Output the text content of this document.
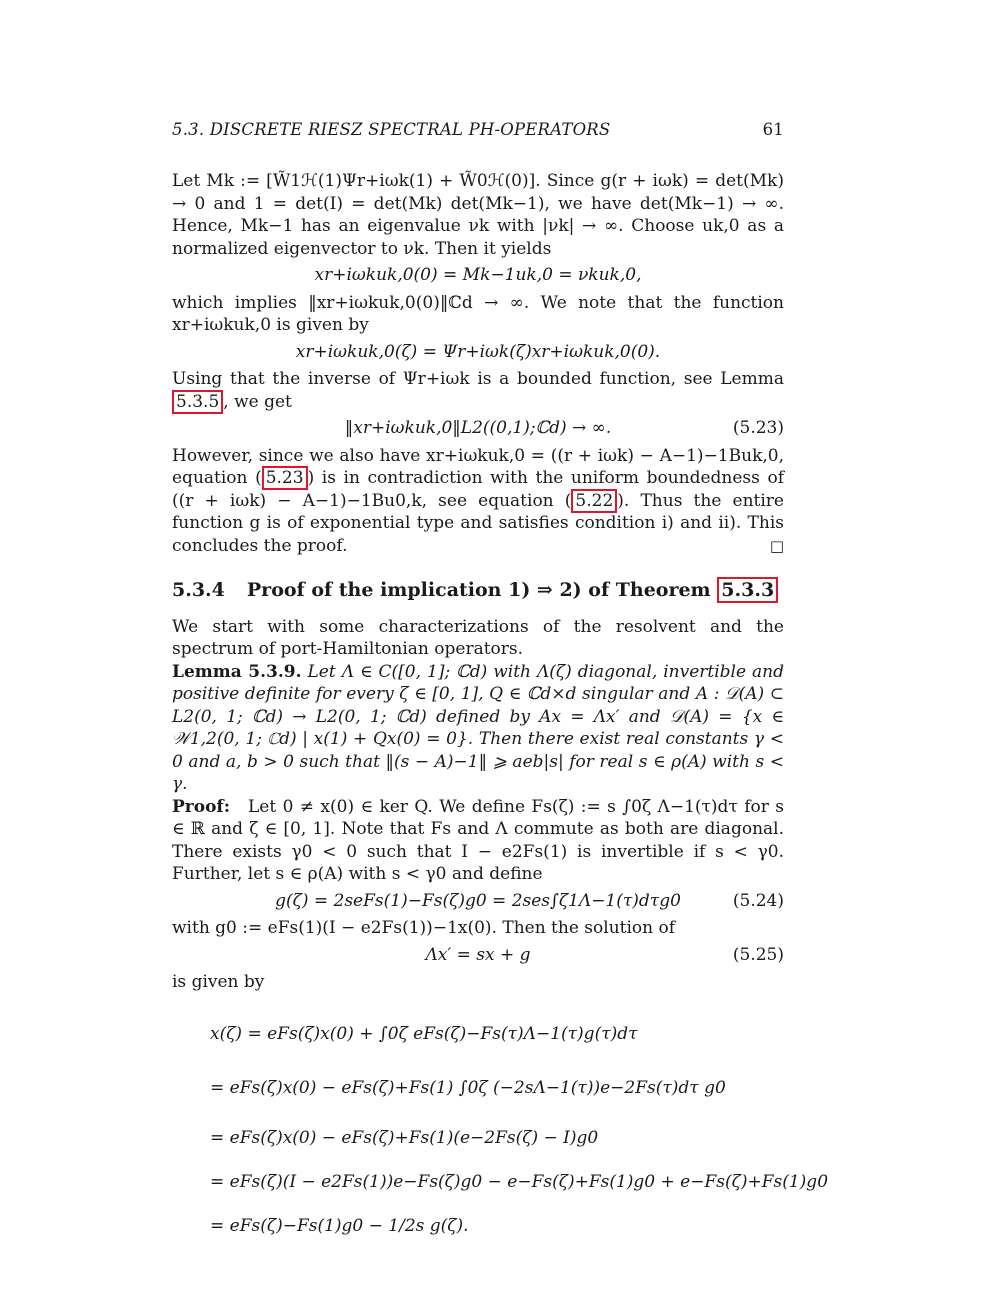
5.3. DISCRETE RIESZ SPECTRAL PH-OPERATORS	61

Let Mk := [W̃1ℋ(1)Ψr+iωk(1) + W̃0ℋ(0)]. Since g(r + iωk) = det(Mk) → 0 and 1 = det(I) = det(Mk) det(Mk−1), we have det(Mk−1) → ∞. Hence, Mk−1 has an eigenvalue νk with |νk| → ∞. Choose uk,0 as a normalized eigenvector to νk. Then it yields

xr+iωkuk,0(0) = Mk−1uk,0 = νkuk,0,

which implies ‖xr+iωkuk,0(0)‖ℂd → ∞. We note that the function xr+iωkuk,0 is given by

xr+iωkuk,0(ζ) = Ψr+iωk(ζ)xr+iωkuk,0(0).

Using that the inverse of Ψr+iωk is a bounded function, see Lemma 5.3.5 , we get

‖xr+iωkuk,0‖L2((0,1);ℂd) → ∞.	(5.23)

However, since we also have xr+iωkuk,0 = ((r + iωk) − A−1)−1Buk,0, equation ( 5.23 ) is in contradiction with the uniform boundedness of ((r + iωk) − A−1)−1Bu0,k, see equation ( 5.22 ). Thus the entire function g is of exponential type and satisfies condition i) and ii). This concludes the proof.	□

5.3.4 Proof of the implication 1) ⇒ 2) of Theorem 5.3.3

We start with some characterizations of the resolvent and the spectrum of port-Hamiltonian operators.

Lemma 5.3.9. Let Λ ∈ C([0, 1]; ℂd) with Λ(ζ) diagonal, invertible and positive definite for every ζ ∈ [0, 1], Q ∈ ℂd×d singular and A : 𝒟(A) ⊂ L2(0, 1; ℂd) → L2(0, 1; ℂd) defined by Ax = Λx′ and 𝒟(A) = {x ∈ 𝒲1,2(0, 1; ℂd) | x(1) + Qx(0) = 0}. Then there exist real constants γ < 0 and a, b > 0 such that ‖(s − A)−1‖ ⩾ aeb|s| for real s ∈ ρ(A) with s < γ.

Proof: Let 0 ≠ x(0) ∈ ker Q. We define Fs(ζ) := s ∫0ζ Λ−1(τ)dτ for s ∈ ℝ and ζ ∈ [0, 1]. Note that Fs and Λ commute as both are diagonal. There exists γ0 < 0 such that I − e2Fs(1) is invertible if s < γ0. Further, let s ∈ ρ(A) with s < γ0 and define

g(ζ) = 2seFs(1)−Fs(ζ)g0 = 2ses∫ζ1Λ−1(τ)dτg0	(5.24)

with g0 := eFs(1)(I − e2Fs(1))−1x(0). Then the solution of

Λx′ = sx + g	(5.25)

is given by

x(ζ) = eFs(ζ)x(0) + ∫0ζ eFs(ζ)−Fs(τ)Λ−1(τ)g(τ)dτ
= eFs(ζ)x(0) − eFs(ζ)+Fs(1) ∫0ζ (−2sΛ−1(τ))e−2Fs(τ)dτ g0
= eFs(ζ)x(0) − eFs(ζ)+Fs(1)(e−2Fs(ζ) − I)g0
= eFs(ζ)(I − e2Fs(1))e−Fs(ζ)g0 − e−Fs(ζ)+Fs(1)g0 + e−Fs(ζ)+Fs(1)g0
= eFs(ζ)−Fs(1)g0 − 1/2s g(ζ).
